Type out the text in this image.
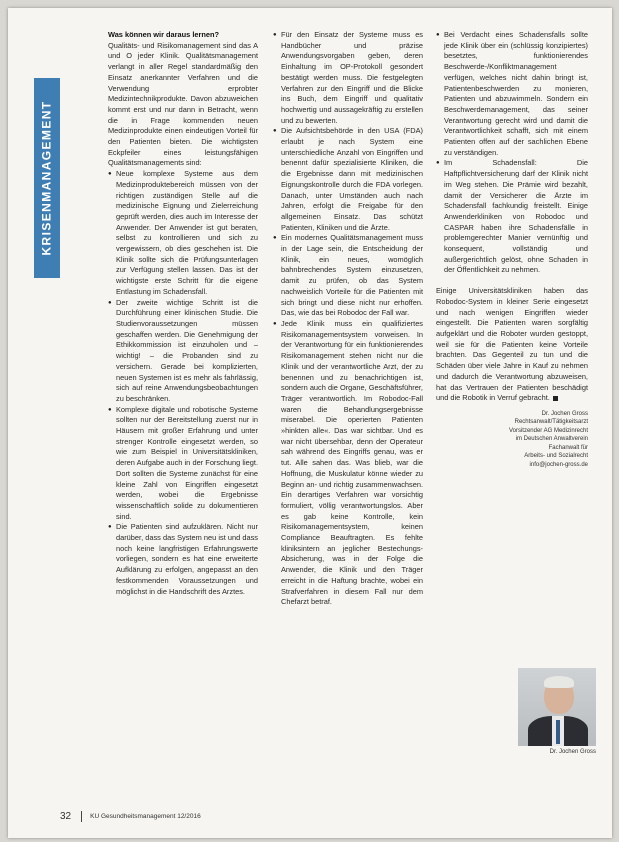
KRISENMANAGEMENT

Was können wir daraus lernen?

Qualitäts- und Risikomanagement sind das A und O jeder Klinik. Qualitätsmanagement verlangt in aller Regel standardmäßig den Einsatz anerkannter Verfahren und die Verwendung erprobter Medizintechnikprodukte. Davon abzuweichen kommt erst und nur dann in Betracht, wenn die in Frage kommenden neuen Medizinprodukte einen eindeutigen Vorteil für den Patienten bieten. Die wichtigsten Eckpfeiler eines leistungsfähigen Qualitätsmanagements sind:

● Neue komplexe Systeme aus dem Medizinproduktebereich müssen von der richtigen zuständigen Stelle auf die medizinische Eignung und Zielerreichung geprüft werden, dies auch im Interesse der Anwender. Der Anwender ist gut beraten, selbst zu kontrollieren und sich zu vergewissern, ob dies geschehen ist. Die Klinik sollte sich die Prüfungsunterlagen zur Verfügung stellen lassen. Das ist der wichtigste erste Schritt für die eigene Entlastung im Schadensfall.

● Der zweite wichtige Schritt ist die Durchführung einer klinischen Studie. Die Studienvoraussetzungen müssen geschaffen werden. Die Genehmigung der Ethikkommission ist einzuholen und – wichtig! – die Probanden sind zu versichern. Gerade bei komplizierten, neuen Systemen ist es mehr als fahrlässig, sich auf reine Anwendungsbeobachtungen zu beschränken.

● Komplexe digitale und robotische Systeme sollten nur der Bereitstellung zuerst nur in Häusern mit großer Erfahrung und unter strenger Kontrolle eingesetzt werden, so wie zum Beispiel in Universitätskliniken, deren Aufgabe auch in der Forschung liegt. Dort sollten die Systeme zunächst für eine kleine Zahl von Eingriffen eingesetzt werden, wobei die Ergebnisse wissenschaftlich solide zu dokumentieren sind.

● Die Patienten sind aufzuklären. Nicht nur darüber, dass das System neu ist und dass noch keine langfristigen Erfahrungswerte vorliegen, sondern es hat eine erweiterte Aufklärung zu erfolgen, angepasst an den festkommenden Voraussetzungen und möglichst in die Handschrift des Arztes.

● Für den Einsatz der Systeme muss es Handbücher und präzise Anwendungsvorgaben geben, deren Einhaltung im OP-Protokoll gesondert bestätigt werden muss. Die festgelegten Verfahren zur den Eingriff und die Blicke ins Buch, dem Eingriff und qualitativ hochwertig und aussagekräftig zu erstellen und zu bewerten.

● Die Aufsichtsbehörde in den USA (FDA) erlaubt je nach System eine unterschiedliche Anzahl von Eingriffen und benennt dafür spezialisierte Kliniken, die die Ergebnisse dann mit medizinischen Eignungskontrolle durch die FDA vorlegen. Danach, unter Umständen auch nach Jahren, erfolgt die Freigabe für den allgemeinen Einsatz. Das schützt Patienten, Kliniken und die Ärzte.

● Ein modernes Qualitätsmanagement muss in der Lage sein, die Entscheidung der Klinik, ein neues, womöglich bahnbrechendes System einzusetzen, damit zu prüfen, ob das System nachweislich Vorteile für die Patienten mit sich bringt und diese nicht nur erhoffen. Das, wie das bei Robodoc der Fall war.

● Jede Klinik muss ein qualifiziertes Risikomanagementsystem vorweisen. In der Verantwortung für ein funktionierendes Risikomanagement stehen nicht nur die Klinik und der verantwortliche Arzt, der zu benennen und zu benachrichtigen ist, sondern auch die Organe, Geschäftsführer, Träger verantwortlich. Im Robodoc-Fall waren die Behandlungsergebnisse miserabel. Die operierten Patienten »hinkten alle«. Das war sichtbar. Und es war nicht übersehbar, denn der Operateur sah während des Eingriffs genau, was er tut. Alle sahen das. Was blieb, war die Hoffnung, die Muskulatur könne wieder zu Beginn an- und richtig zusammenwachsen. Ein derartiges Verfahren war vorsichtig formuliert, völlig verantwortungslos. Aber es gab keine Kontrolle, kein Risikomanagementsystem, keinen Compliance Beauftragten. Es fehlte kliniksintern an jeglicher Bestechungs-Absicherung, was in der Folge die Anwender, die Klinik und den Träger erreicht in die Haftung brachte, wobei ein Strafverfahren in diesem Fall nur dem Chefarzt betraf.

● Bei Verdacht eines Schadensfalls sollte jede Klinik über ein (schlüssig konzipiertes) besetztes, funktionierendes Beschwerde-/Konfliktmanagement verfügen, welches nicht dahin bringt ist, Patientenbeschwerden zu monieren, Patienten und abzuwimmeln. Sondern ein Beschwerdemanagement, das seiner Verantwortung gerecht wird und damit die Verantwortlichkeit schafft, sich mit einem Patienten offen auf der sachlichen Ebene zu verständigen.

● Im Schadensfall: Die Haftpflichtversicherung darf der Klinik nicht im Weg stehen. Die Prämie wird bezahlt, damit der Versicherer die Ärzte im Schadensfall fachkundig freistellt. Einige Anwenderkliniken von Robodoc und CASPAR haben ihre Schadensfälle in problemgerechter Manier vernünftig und konsequent, vollständig und außergerichtlich gelöst, ohne Schaden in der Öffentlichkeit zu nehmen.

Einige Universitätskliniken haben das Robodoc-System in kleiner Serie eingesetzt und nach wenigen Eingriffen wieder eingestellt. Die Patienten waren sorgfältig aufgeklärt und die Roboter wurden gestoppt, weil sie für die Patienten keine Vorteile brachten. Das Gegenteil zu tun und die Schäden über viele Jahre in Kauf zu nehmen und dadurch die Verantwortung abzuweisen, hat das Vertrauen der Patienten beschädigt und die Robotik in Verruf gebracht.

Dr. Jochen Gross
Rechtsanwalt/Tätigkeitsarzt
Vorsitzender AG Medizinrecht
im Deutschen Anwaltverein
Fachanwalt für
Arbeits- und Sozialrecht
info@jochen-gross.de
Dr. Jochen Gross
32	KU Gesundheitsmanagement 12/2016
